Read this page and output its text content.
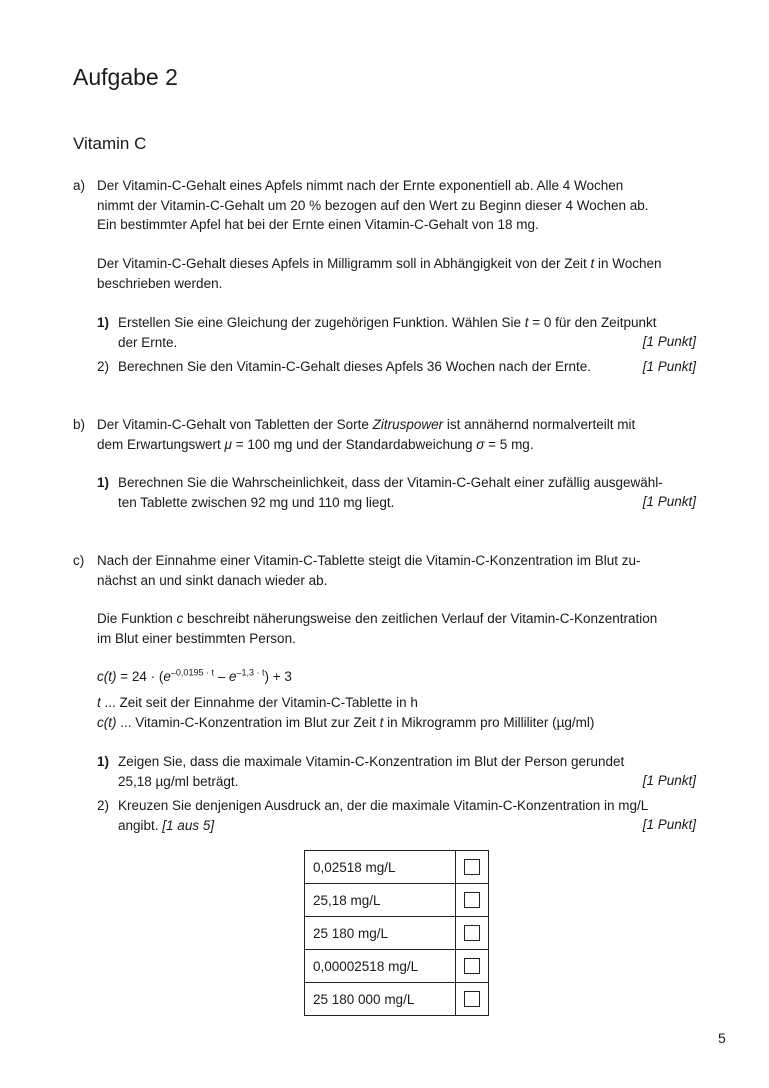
Aufgabe 2
Vitamin C
a) Der Vitamin-C-Gehalt eines Apfels nimmt nach der Ernte exponentiell ab. Alle 4 Wochen
nimmt der Vitamin-C-Gehalt um 20 % bezogen auf den Wert zu Beginn dieser 4 Wochen ab.
Ein bestimmter Apfel hat bei der Ernte einen Vitamin-C-Gehalt von 18 mg.
Der Vitamin-C-Gehalt dieses Apfels in Milligramm soll in Abhängigkeit von der Zeit t in Wochen
beschrieben werden.
1) Erstellen Sie eine Gleichung der zugehörigen Funktion. Wählen Sie t = 0 für den Zeitpunkt
der Ernte.	[1 Punkt]
2) Berechnen Sie den Vitamin-C-Gehalt dieses Apfels 36 Wochen nach der Ernte.	[1 Punkt]
b) Der Vitamin-C-Gehalt von Tabletten der Sorte Zitruspower ist annähernd normalverteilt mit
dem Erwartungswert μ = 100 mg und der Standardabweichung σ = 5 mg.
1) Berechnen Sie die Wahrscheinlichkeit, dass der Vitamin-C-Gehalt einer zufällig ausgewähl-
ten Tablette zwischen 92 mg und 110 mg liegt.	[1 Punkt]
c) Nach der Einnahme einer Vitamin-C-Tablette steigt die Vitamin-C-Konzentration im Blut zu-
nächst an und sinkt danach wieder ab.
Die Funktion c beschreibt näherungsweise den zeitlichen Verlauf der Vitamin-C-Konzentration
im Blut einer bestimmten Person.
$c(t) = 24 \cdot (e^{-0,0195 \cdot t} - e^{-1,3 \cdot t}) + 3$
t ... Zeit seit der Einnahme der Vitamin-C-Tablette in h
c(t) ... Vitamin-C-Konzentration im Blut zur Zeit t in Mikrogramm pro Milliliter (µg/ml)
1) Zeigen Sie, dass die maximale Vitamin-C-Konzentration im Blut der Person gerundet
25,18 µg/ml beträgt.	[1 Punkt]
2) Kreuzen Sie denjenigen Ausdruck an, der die maximale Vitamin-C-Konzentration in mg/L
angibt. [1 aus 5]	[1 Punkt]
0,02518 mg/L	
25,18 mg/L	
25 180 mg/L	
0,00002518 mg/L	
25 180 000 mg/L	
5
